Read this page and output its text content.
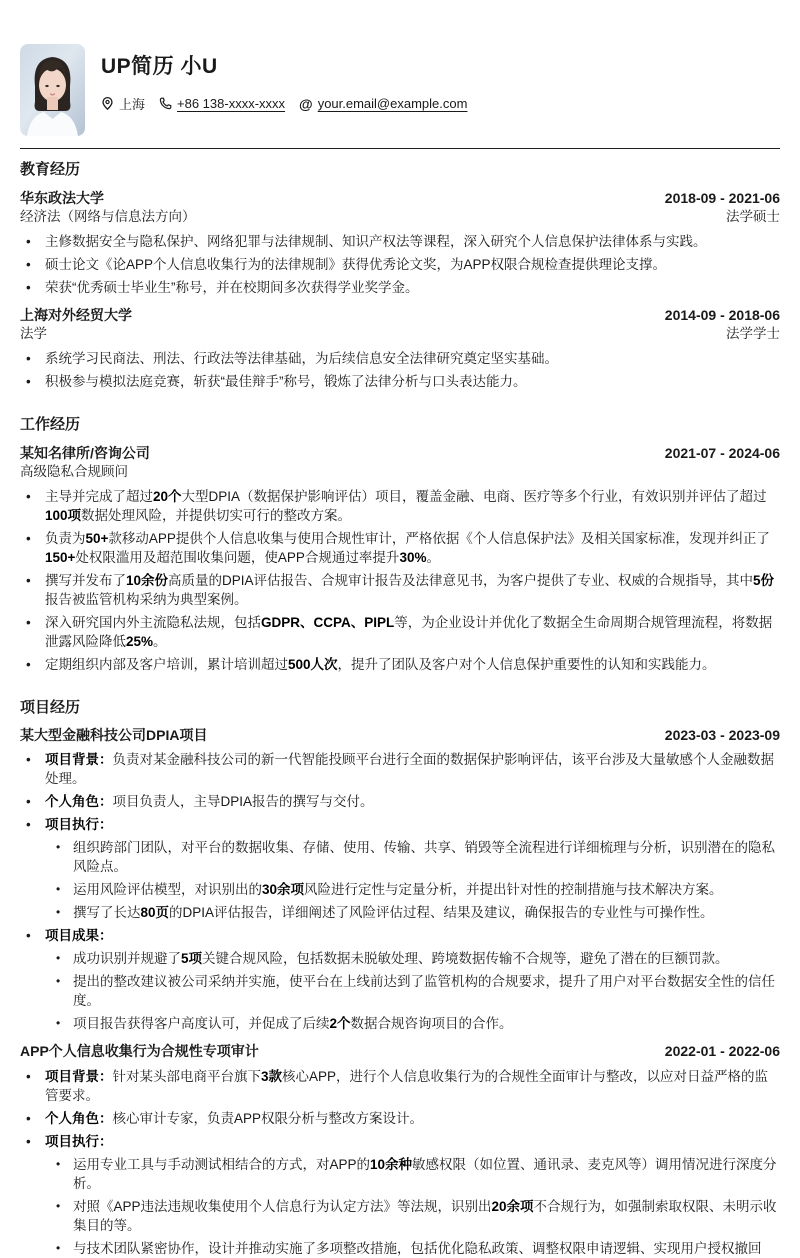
UP简历 小U
上海 +86 138-xxxx-xxxx @ your.email@example.com
教育经历
华东政法大学	2018-09 - 2021-06
经济法（网络与信息法方向）	法学硕士
• 主修数据安全与隐私保护、网络犯罪与法律规制、知识产权法等课程，深入研究个人信息保护法律体系与实践。
• 硕士论文《论APP个人信息收集行为的法律规制》获得优秀论文奖，为APP权限合规检查提供理论支撑。
• 荣获“优秀硕士毕业生”称号，并在校期间多次获得学业奖学金。
上海对外经贸大学	2014-09 - 2018-06
法学	法学学士
• 系统学习民商法、刑法、行政法等法律基础，为后续信息安全法律研究奠定坚实基础。
• 积极参与模拟法庭竞赛，斩获“最佳辩手”称号，锻炼了法律分析与口头表达能力。
工作经历
某知名律所/咨询公司	2021-07 - 2024-06
高级隐私合规顾问
• 主导并完成了超过20个大型DPIA（数据保护影响评估）项目，覆盖金融、电商、医疗等多个行业，有效识别并评估了超过100项数据处理风险，并提供切实可行的整改方案。
• 负责为50+款移动APP提供个人信息收集与使用合规性审计，严格依据《个人信息保护法》及相关国家标准，发现并纠正了150+处权限滥用及超范围收集问题，使APP合规通过率提升30%。
• 撰写并发布了10余份高质量的DPIA评估报告、合规审计报告及法律意见书，为客户提供了专业、权威的合规指导，其中5份报告被监管机构采纳为典型案例。
• 深入研究国内外主流隐私法规，包括GDPR、CCPA、PIPL等，为企业设计并优化了数据全生命周期合规管理流程，将数据泄露风险降低25%。
• 定期组织内部及客户培训，累计培训超过500人次，提升了团队及客户对个人信息保护重要性的认知和实践能力。
项目经历
某大型金融科技公司DPIA项目	2023-03 - 2023-09
• 项目背景：负责对某金融科技公司的新一代智能投顾平台进行全面的数据保护影响评估，该平台涉及大量敏感个人金融数据处理。
• 个人角色：项目负责人，主导DPIA报告的撰写与交付。
• 项目执行：
• 组织跨部门团队，对平台的数据收集、存储、使用、传输、共享、销毁等全流程进行详细梳理与分析，识别潜在的隐私风险点。
• 运用风险评估模型，对识别出的30余项风险进行定性与定量分析，并提出针对性的控制措施与技术解决方案。
• 撰写了长达80页的DPIA评估报告，详细阐述了风险评估过程、结果及建议，确保报告的专业性与可操作性。
• 项目成果：
• 成功识别并规避了5项关键合规风险，包括数据未脱敏处理、跨境数据传输不合规等，避免了潜在的巨额罚款。
• 提出的整改建议被公司采纳并实施，使平台在上线前达到了监管机构的合规要求，提升了用户对平台数据安全性的信任度。
• 项目报告获得客户高度认可，并促成了后续2个数据合规咨询项目的合作。
APP个人信息收集行为合规性专项审计	2022-01 - 2022-06
• 项目背景：针对某头部电商平台旗下3款核心APP，进行个人信息收集行为的合规性全面审计与整改，以应对日益严格的监管要求。
• 个人角色：核心审计专家，负责APP权限分析与整改方案设计。
• 项目执行：
• 运用专业工具与手动测试相结合的方式，对APP的10余种敏感权限（如位置、通讯录、麦克风等）调用情况进行深度分析。
• 对照《APP违法违规收集使用个人信息行为认定方法》等法规，识别出20余项不合规行为，如强制索取权限、未明示收集目的等。
• 与技术团队紧密协作，设计并推动实施了多项整改措施，包括优化隐私政策、调整权限申请逻辑、实现用户授权撤回
